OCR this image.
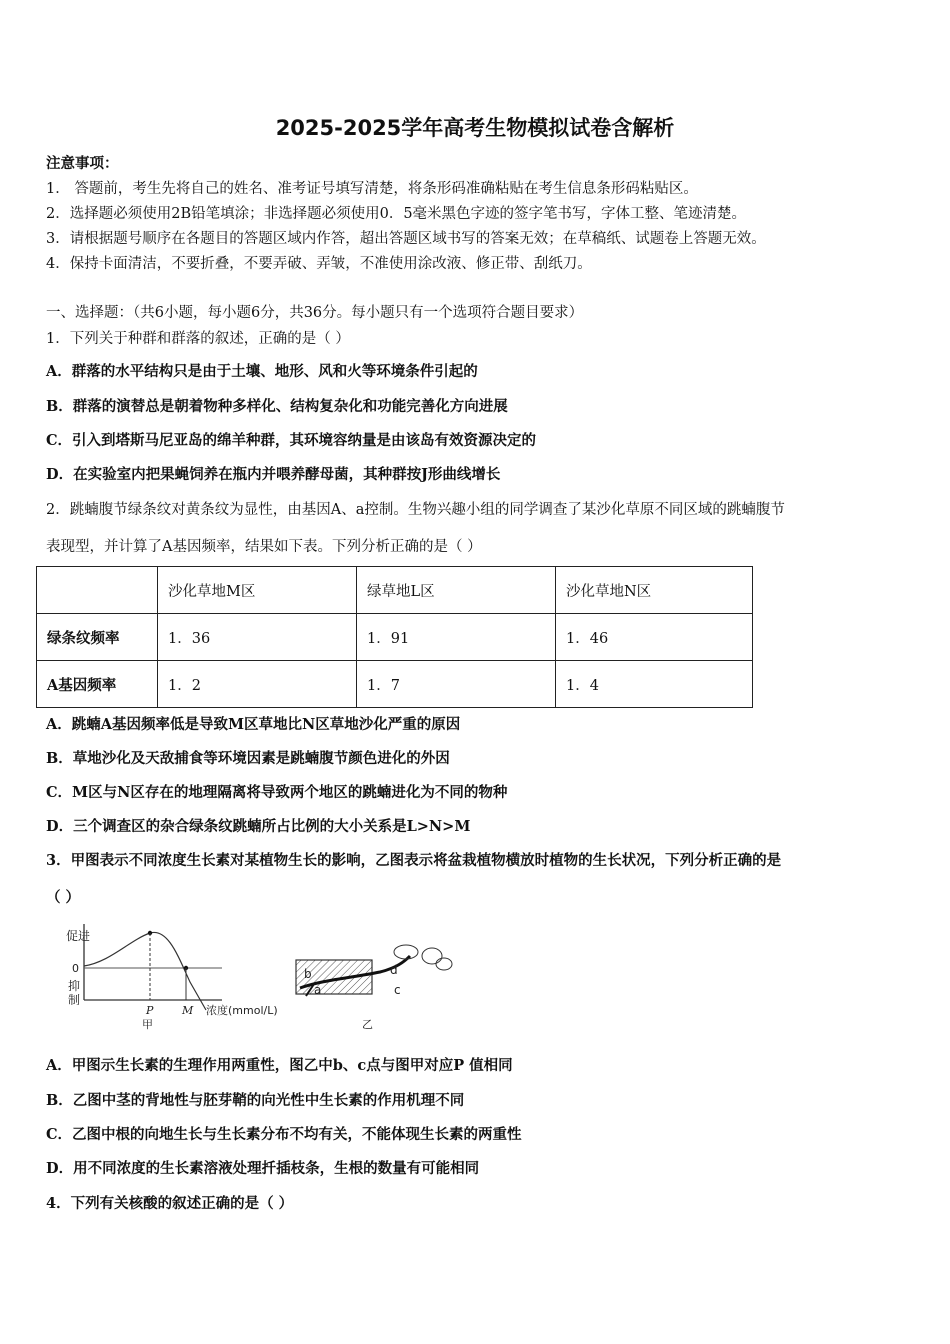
2025-2025学年高考生物模拟试卷含解析
注意事项：
1． 答题前，考生先将自己的姓名、准考证号填写清楚，将条形码准确粘贴在考生信息条形码粘贴区。
2．选择题必须使用2B铅笔填涂；非选择题必须使用0．5毫米黑色字迹的签字笔书写，字体工整、笔迹清楚。
3．请根据题号顺序在各题目的答题区域内作答，超出答题区域书写的答案无效；在草稿纸、试题卷上答题无效。
4．保持卡面清洁，不要折叠，不要弄破、弄皱，不准使用涂改液、修正带、刮纸刀。
一、选择题：（共6小题，每小题6分，共36分。每小题只有一个选项符合题目要求）
1．下列关于种群和群落的叙述，正确的是（ ）
A．群落的水平结构只是由于土壤、地形、风和火等环境条件引起的
B．群落的演替总是朝着物种多样化、结构复杂化和功能完善化方向进展
C．引入到塔斯马尼亚岛的绵羊种群，其环境容纳量是由该岛有效资源决定的
D．在实验室内把果蝇饲养在瓶内并喂养酵母菌，其种群按J形曲线增长
2．跳蝻腹节绿条纹对黄条纹为显性，由基因A、a控制。生物兴趣小组的同学调查了某沙化草原不同区域的跳蝻腹节
表现型，并计算了A基因频率，结果如下表。下列分析正确的是（ ）
	沙化草地M区	绿草地L区	沙化草地N区
绿条纹频率	1．36	1．91	1．46
A基因频率	1．2	1．7	1．4
A．跳蝻A基因频率低是导致M区草地比N区草地沙化严重的原因
B．草地沙化及天敌捕食等环境因素是跳蝻腹节颜色进化的外因
C．M区与N区存在的地理隔离将导致两个地区的跳蝻进化为不同的物种
D．三个调查区的杂合绿条纹跳蝻所占比例的大小关系是L>N>M
3．甲图表示不同浓度生长素对某植物生长的影响，乙图表示将盆栽植物横放时植物的生长状况，下列分析正确的是
（ ）
促进
0
抑
制
P	M 浓度(mmol/L)
甲
b
a
d
c
乙
A．甲图示生长素的生理作用两重性，图乙中b、c点与图甲对应P 值相同
B．乙图中茎的背地性与胚芽鞘的向光性中生长素的作用机理不同
C．乙图中根的向地生长与生长素分布不均有关，不能体现生长素的两重性
D．用不同浓度的生长素溶液处理扦插枝条，生根的数量有可能相同
4．下列有关核酸的叙述正确的是（ ）
